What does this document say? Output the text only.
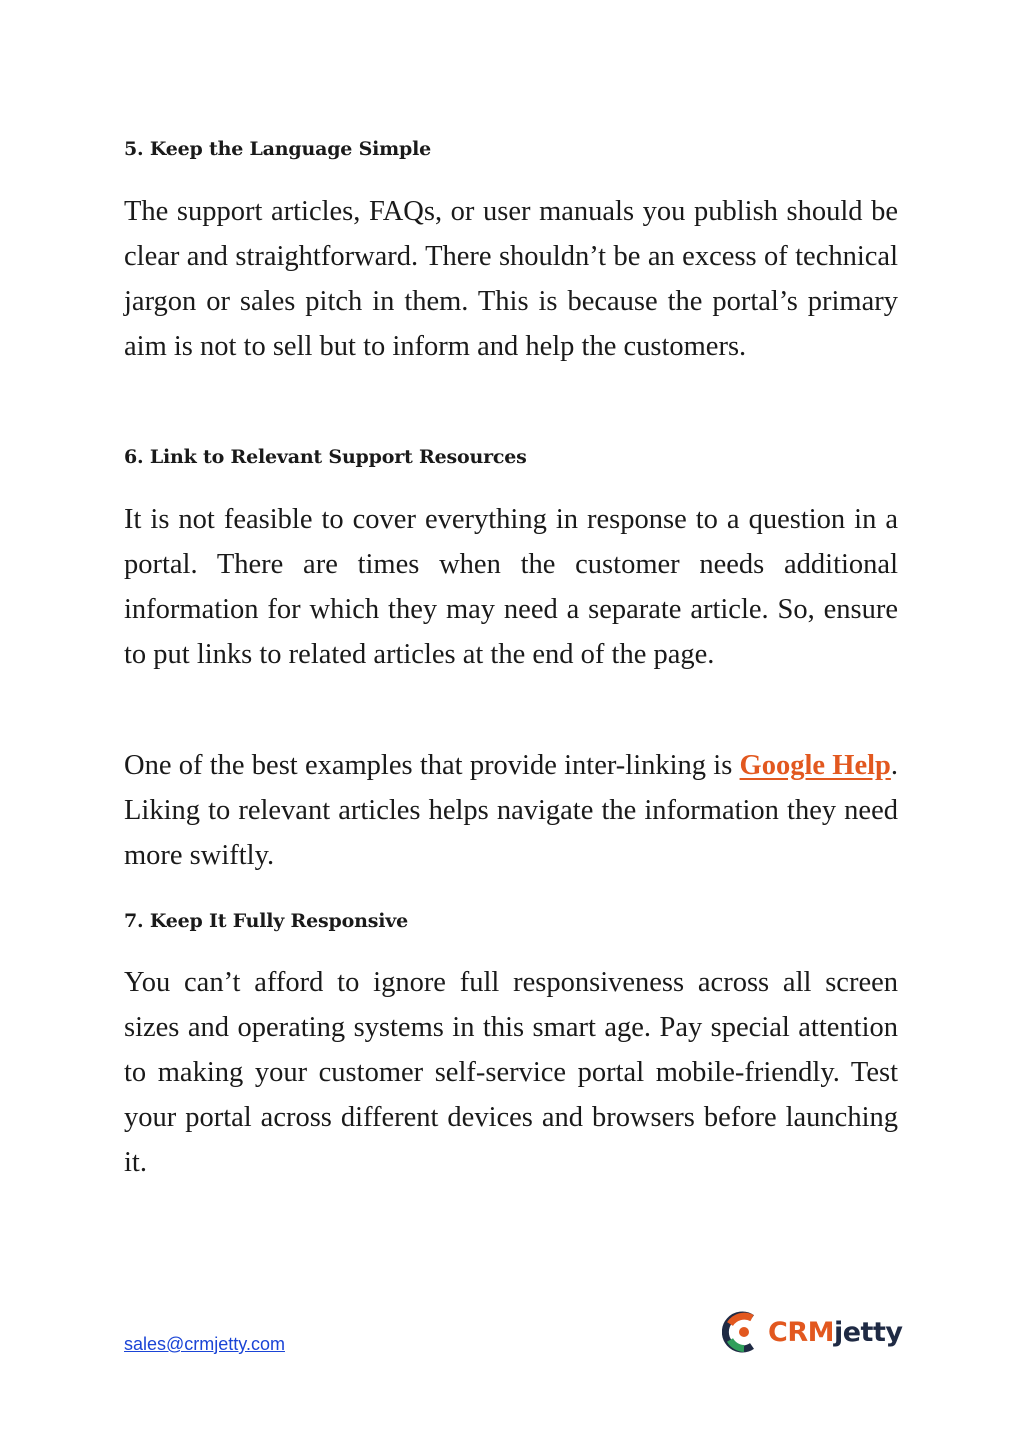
5. Keep the Language Simple

The support articles, FAQs, or user manuals you publish should be clear and straightforward. There shouldn’t be an excess of technical jargon or sales pitch in them. This is because the portal’s primary aim is not to sell but to inform and help the customers.

6. Link to Relevant Support Resources

It is not feasible to cover everything in response to a question in a portal. There are times when the customer needs additional information for which they may need a separate article. So, ensure to put links to related articles at the end of the page.

One of the best examples that provide inter-linking is Google Help. Liking to relevant articles helps navigate the information they need more swiftly.

7. Keep It Fully Responsive

You can’t afford to ignore full responsiveness across all screen sizes and operating systems in this smart age. Pay special attention to making your customer self-service portal mobile-friendly. Test your portal across different devices and browsers before launching it.

sales@crmjetty.com	CRM jetty
